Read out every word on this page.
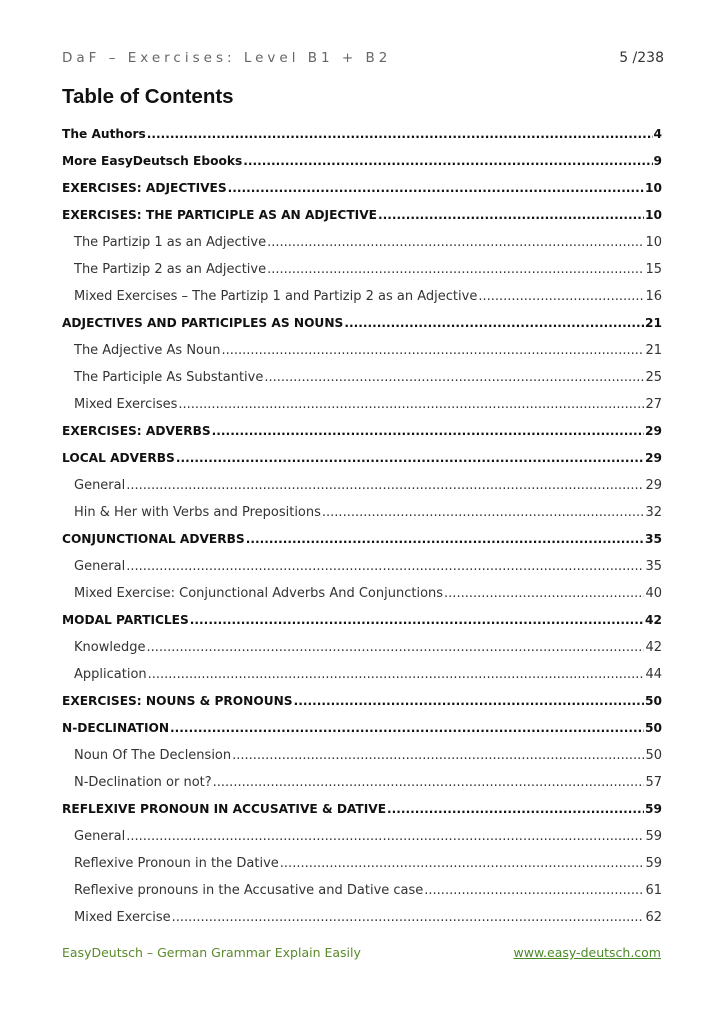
DaF – Exercises: Level B1 + B2	5 /238
Table of Contents
The Authors .....	4
More EasyDeutsch Ebooks .....	9
EXERCISES: ADJECTIVES .....	10
EXERCISES: THE PARTICIPLE AS AN ADJECTIVE .....	10
The Partizip 1 as an Adjective .....	10
The Partizip 2 as an Adjective .....	15
Mixed Exercises – The Partizip 1 and Partizip 2 as an Adjective .....	16
ADJECTIVES AND PARTICIPLES AS NOUNS .....	21
The Adjective As Noun .....	21
The Participle As Substantive .....	25
Mixed Exercises .....	27
EXERCISES: ADVERBS .....	29
LOCAL ADVERBS .....	29
General .....	29
Hin & Her with Verbs and Prepositions .....	32
CONJUNCTIONAL ADVERBS .....	35
General .....	35
Mixed Exercise: Conjunctional Adverbs And Conjunctions .....	40
MODAL PARTICLES .....	42
Knowledge .....	42
Application .....	44
EXERCISES: NOUNS & PRONOUNS .....	50
N-DECLINATION .....	50
Noun Of The Declension .....	50
N-Declination or not? .....	57
REFLEXIVE PRONOUN IN ACCUSATIVE & DATIVE .....	59
General .....	59
Reflexive Pronoun in the Dative .....	59
Reflexive pronouns in the Accusative and Dative case .....	61
Mixed Exercise .....	62
EasyDeutsch – German Grammar Explain Easily	www.easy-deutsch.com
